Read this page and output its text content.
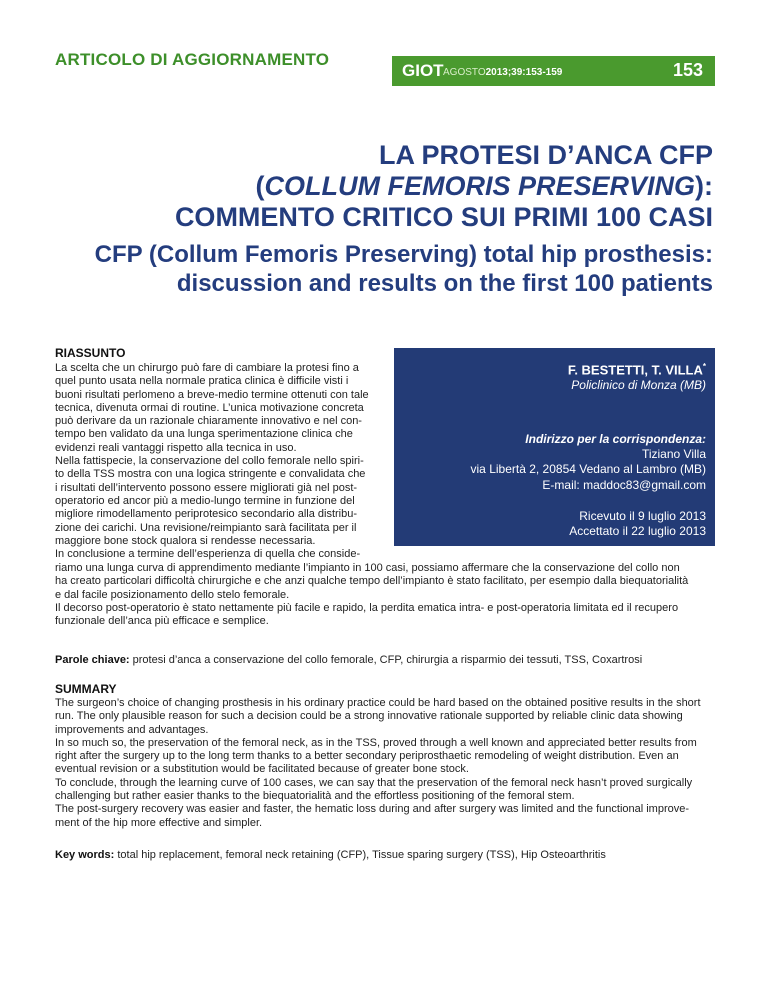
ARTICOLO DI AGGIORNAMENTO
GIOT AGOSTO2013;39:153-159	153
LA PROTESI D’ANCA CFP
(COLLUM FEMORIS PRESERVING):
COMMENTO CRITICO SUI PRIMI 100 CASI
CFP (Collum Femoris Preserving) total hip prosthesis:
discussion and results on the first 100 patients
RIASSUNTO

La scelta che un chirurgo può fare di cambiare la protesi fino a

quel punto usata nella normale pratica clinica è difficile visti i

buoni risultati perlomeno a breve-medio termine ottenuti con tale

tecnica, divenuta ormai di routine. L’unica motivazione concreta

può derivare da un razionale chiaramente innovativo e nel con-

tempo ben validato da una lunga sperimentazione clinica che

evidenzi reali vantaggi rispetto alla tecnica in uso.

Nella fattispecie, la conservazione del collo femorale nello spiri-

to della TSS mostra con una logica stringente e convalidata che

i risultati dell’intervento possono essere migliorati già nel post-

operatorio ed ancor più a medio-lungo termine in funzione del

migliore rimodellamento periprotesico secondario alla distribu-

zione dei carichi. Una revisione/reimpianto sarà facilitata per il

maggiore bone stock qualora si rendesse necessaria.

In conclusione a termine dell’esperienza di quella che conside-

F. BESTETTI, T. VILLA*
Policlinico di Monza (MB)
Indirizzo per la corrispondenza:
Tiziano Villa
via Libertà 2, 20854 Vedano al Lambro (MB)
E-mail: maddoc83@gmail.com
Ricevuto il 9 luglio 2013
Accettato il 22 luglio 2013

riamo una lunga curva di apprendimento mediante l’impianto in 100 casi, possiamo affermare che la conservazione del collo non

ha creato particolari difficoltà chirurgiche e che anzi qualche tempo dell’impianto è stato facilitato, per esempio dalla biequatorialità

e dal facile posizionamento dello stelo femorale.

Il decorso post-operatorio è stato nettamente più facile e rapido, la perdita ematica intra- e post-operatoria limitata ed il recupero

funzionale dell’anca più efficace e semplice.

Parole chiave: protesi d’anca a conservazione del collo femorale, CFP, chirurgia a risparmio dei tessuti, TSS, Coxartrosi
SUMMARY

The surgeon’s choice of changing prosthesis in his ordinary practice could be hard based on the obtained positive results in the short

run. The only plausible reason for such a decision could be a strong innovative rationale supported by reliable clinic data showing

improvements and advantages.

In so much so, the preservation of the femoral neck, as in the TSS, proved through a well known and appreciated better results from

right after the surgery up to the long term thanks to a better secondary periprosthaetic remodeling of weight distribution. Even an

eventual revision or a substitution would be facilitated because of greater bone stock.

To conclude, through the learning curve of 100 cases, we can say that the preservation of the femoral neck hasn’t proved surgically

challenging but rather easier thanks to the biequatorialità and the effortless positioning of the femoral stem.

The post-surgery recovery was easier and faster, the hematic loss during and after surgery was limited and the functional improve-

ment of the hip more effective and simpler.

Key words: total hip replacement, femoral neck retaining (CFP), Tissue sparing surgery (TSS), Hip Osteoarthritis
